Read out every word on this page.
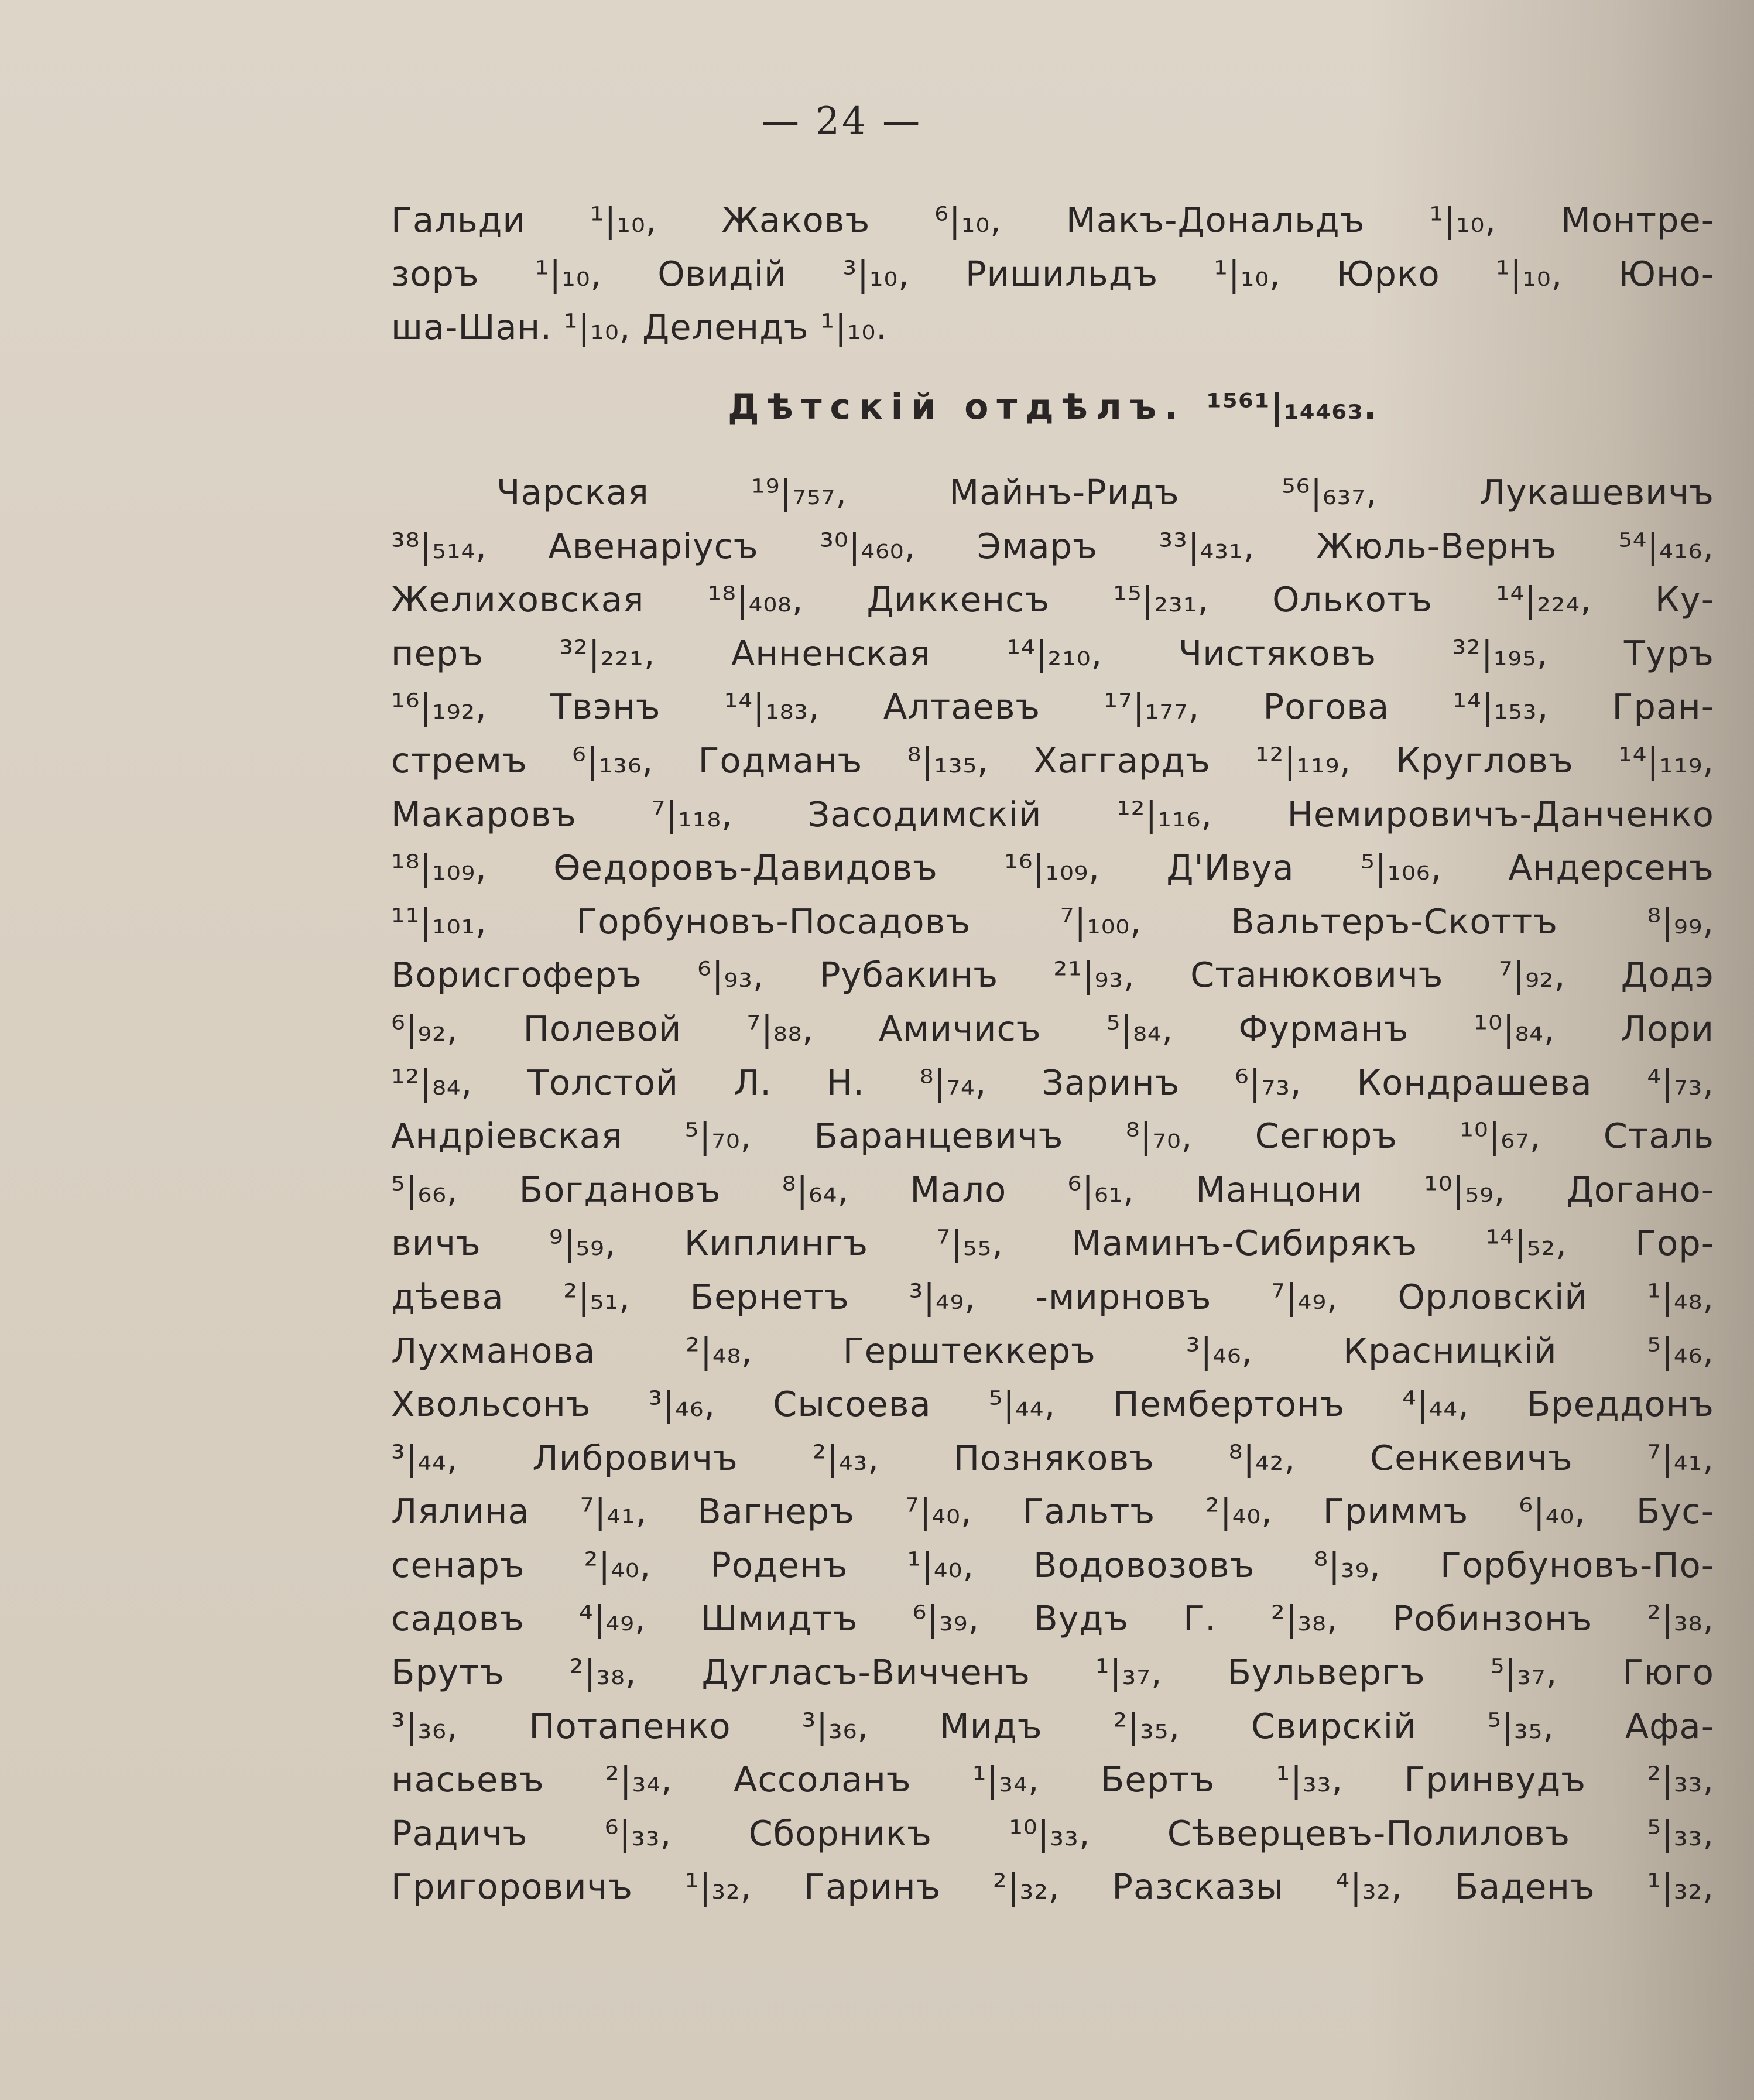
— 24 —
Гальди ¹|₁₀, Жаковъ ⁶|₁₀, Макъ-Дональдъ ¹|₁₀, Монтре-
зоръ ¹|₁₀, Овидій ³|₁₀, Ришильдъ ¹|₁₀, Юрко ¹|₁₀, Юно-
ша-Шан. ¹|₁₀, Делендъ ¹|₁₀.
Дѣтскій отдѣлъ. ¹⁵⁶¹|₁₄₄₆₃.
Чарская ¹⁹|₇₅₇, Майнъ-Ридъ ⁵⁶|₆₃₇, Лукашевичъ
³⁸|₅₁₄, Авенаріусъ ³⁰|₄₆₀, Эмаръ ³³|₄₃₁, Жюль-Вернъ ⁵⁴|₄₁₆,
Желиховская ¹⁸|₄₀₈, Диккенсъ ¹⁵|₂₃₁, Олькотъ ¹⁴|₂₂₄, Ку-
перъ ³²|₂₂₁, Анненская ¹⁴|₂₁₀, Чистяковъ ³²|₁₉₅, Туръ
¹⁶|₁₉₂, Твэнъ ¹⁴|₁₈₃, Алтаевъ ¹⁷|₁₇₇, Рогова ¹⁴|₁₅₃, Гран-
стремъ ⁶|₁₃₆, Годманъ ⁸|₁₃₅, Хаггардъ ¹²|₁₁₉, Кругловъ ¹⁴|₁₁₉,
Макаровъ ⁷|₁₁₈, Засодимскій ¹²|₁₁₆, Немировичъ-Данченко
¹⁸|₁₀₉, Ѳедоровъ-Давидовъ ¹⁶|₁₀₉, Д'Ивуа ⁵|₁₀₆, Андерсенъ
¹¹|₁₀₁, Горбуновъ-Посадовъ ⁷|₁₀₀, Вальтеръ-Скоттъ ⁸|₉₉,
Ворисгоферъ ⁶|₉₃, Рубакинъ ²¹|₉₃, Станюковичъ ⁷|₉₂, Додэ
⁶|₉₂, Полевой ⁷|₈₈, Амичисъ ⁵|₈₄, Фурманъ ¹⁰|₈₄, Лори
¹²|₈₄, Толстой Л. Н. ⁸|₇₄, Заринъ ⁶|₇₃, Кондрашева ⁴|₇₃,
Андріевская ⁵|₇₀, Баранцевичъ ⁸|₇₀, Сегюръ ¹⁰|₆₇, Сталь
⁵|₆₆, Богдановъ ⁸|₆₄, Мало ⁶|₆₁, Манцони ¹⁰|₅₉, Догано-
вичъ ⁹|₅₉, Киплингъ ⁷|₅₅, Маминъ-Сибирякъ ¹⁴|₅₂, Гор-
дѣева ²|₅₁, Бернетъ ³|₄₉, -мирновъ ⁷|₄₉, Орловскій ¹|₄₈,
Лухманова ²|₄₈, Герштеккеръ ³|₄₆, Красницкій ⁵|₄₆,
Хвольсонъ ³|₄₆, Сысоева ⁵|₄₄, Пембертонъ ⁴|₄₄, Бреддонъ
³|₄₄, Либровичъ ²|₄₃, Позняковъ ⁸|₄₂, Сенкевичъ ⁷|₄₁,
Лялина ⁷|₄₁, Вагнеръ ⁷|₄₀, Гальтъ ²|₄₀, Гриммъ ⁶|₄₀, Бус-
сенаръ ²|₄₀, Роденъ ¹|₄₀, Водовозовъ ⁸|₃₉, Горбуновъ-По-
садовъ ⁴|₄₉, Шмидтъ ⁶|₃₉, Вудъ Г. ²|₃₈, Робинзонъ ²|₃₈,
Брутъ ²|₃₈, Дугласъ-Вичченъ ¹|₃₇, Бульвергъ ⁵|₃₇, Гюго
³|₃₆, Потапенко ³|₃₆, Мидъ ²|₃₅, Свирскій ⁵|₃₅, Афа-
насьевъ ²|₃₄, Ассоланъ ¹|₃₄, Бертъ ¹|₃₃, Гринвудъ ²|₃₃,
Радичъ ⁶|₃₃, Сборникъ ¹⁰|₃₃, Сѣверцевъ-Полиловъ ⁵|₃₃,
Григоровичъ ¹|₃₂, Гаринъ ²|₃₂, Разсказы ⁴|₃₂, Баденъ ¹|₃₂,
